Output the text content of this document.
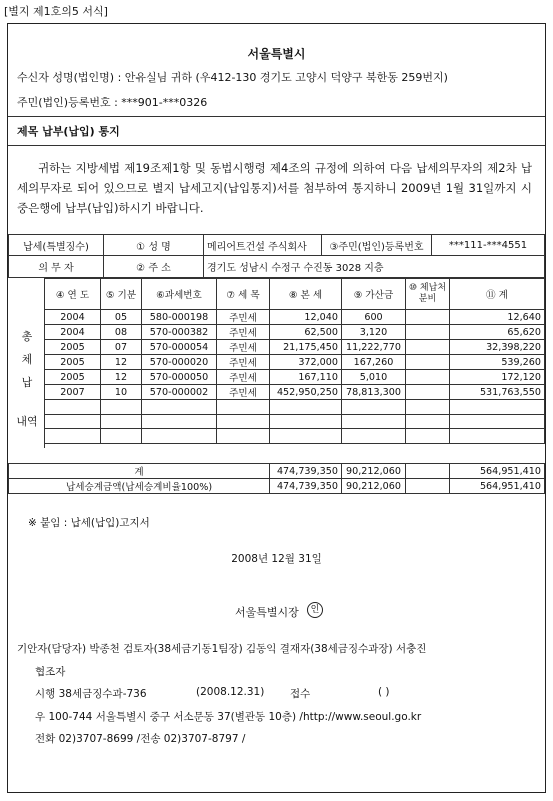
[별지 제1호의5 서식]
서울특별시
수신자 성명(법인명) : 안유실님 귀하 (우412-130 경기도 고양시 덕양구 북한동 259번지)
주민(법인)등록번호 : ***901-***0326
제목 납부(납입) 통지
귀하는 지방세법 제19조제1항 및 동법시행령 제4조의 규정에 의하여 다음 납세의무자의 제2차 납세의무자로 되어 있으므로 별지 납세고지(납입통지)서를 첨부하여 통지하니 2009년 1월 31일까지 시중은행에 납부(납입)하시기 바랍니다.
납세(특별징수)	① 성 명	메리어트건설 주식회사	③주민(법인)등록번호	***111-***4551
의 무 자	② 주 소	경기도 성남시 수정구 수진동 3028 지층		
총
체
납
내역
④ 연 도	⑤ 기분	⑥과세번호	⑦ 세 목	⑧ 본 세	⑨ 가산금	⑩ 체납처분비	⑪ 계
2004	05	580-000198	주민세	12,040	600		12,640
2004	08	570-000382	주민세	62,500	3,120		65,620
2005	07	570-000054	주민세	21,175,450	11,222,770		32,398,220
2005	12	570-000020	주민세	372,000	167,260		539,260
2005	12	570-000050	주민세	167,110	5,010		172,120
2007	10	570-000002	주민세	452,950,250	78,813,300		531,763,550

계	474,739,350	90,212,060		564,951,410
납세승계금액(납세승계비율100%)	474,739,350	90,212,060		564,951,410
※ 붙임 : 납세(납입)고지서
2008년 12월 31일
서울특별시장	인
기안자(담당자) 박종천 검토자(38세금기동1팀장) 김동익 결재자(38세금징수과장) 서충진
협조자
시행 38세금징수과-736	(2008.12.31) 접수	( )
우 100-744 서울특별시 중구 서소문동 37(별관동 10층) /http://www.seoul.go.kr
전화 02)3707-8699 /전송 02)3707-8797 /
